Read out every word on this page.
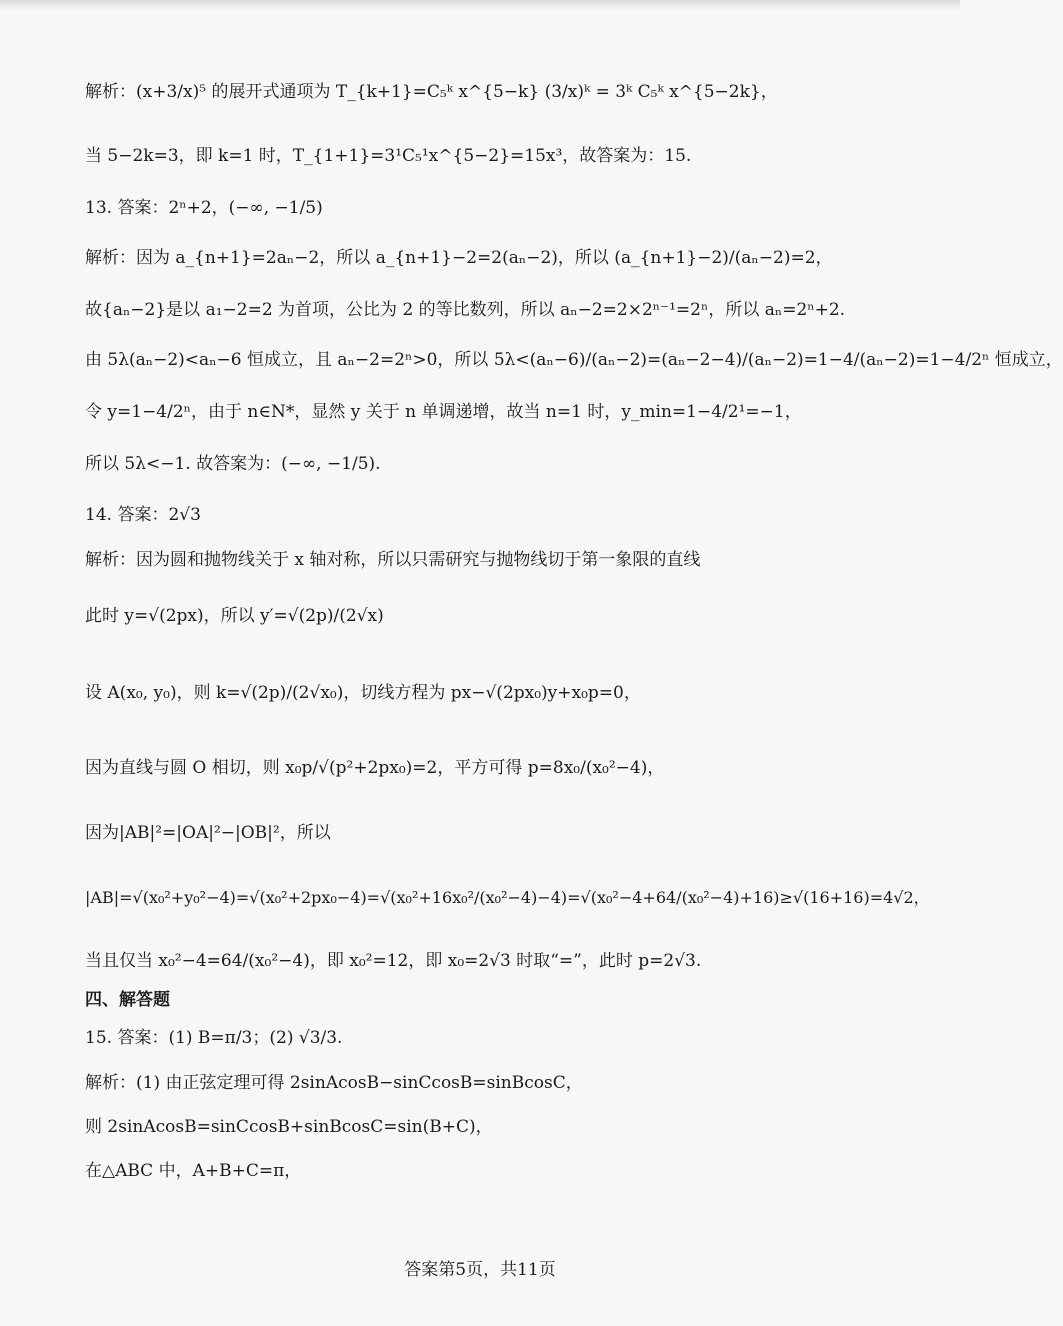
解析：(x+3/x)⁵ 的展开式通项为 T_{k+1}=C₅ᵏ x^{5−k} (3/x)ᵏ = 3ᵏ C₅ᵏ x^{5−2k}，
当 5−2k=3，即 k=1 时，T_{1+1}=3¹C₅¹x^{5−2}=15x³，故答案为：15.
13. 答案：2ⁿ+2，(−∞, −1/5)
解析：因为 a_{n+1}=2aₙ−2，所以 a_{n+1}−2=2(aₙ−2)，所以 (a_{n+1}−2)/(aₙ−2)=2，
故{aₙ−2}是以 a₁−2=2 为首项，公比为 2 的等比数列，所以 aₙ−2=2×2ⁿ⁻¹=2ⁿ，所以 aₙ=2ⁿ+2.
由 5λ(aₙ−2)<aₙ−6 恒成立，且 aₙ−2=2ⁿ>0，所以 5λ<(aₙ−6)/(aₙ−2)=(aₙ−2−4)/(aₙ−2)=1−4/(aₙ−2)=1−4/2ⁿ 恒成立，
令 y=1−4/2ⁿ，由于 n∈N*，显然 y 关于 n 单调递增，故当 n=1 时，y_min=1−4/2¹=−1，
所以 5λ<−1. 故答案为：(−∞, −1/5).
14. 答案：2√3
解析：因为圆和抛物线关于 x 轴对称，所以只需研究与抛物线切于第一象限的直线
此时 y=√(2px)，所以 y′=√(2p)/(2√x)
设 A(x₀, y₀)，则 k=√(2p)/(2√x₀)，切线方程为 px−√(2px₀)y+x₀p=0，
因为直线与圆 O 相切，则 x₀p/√(p²+2px₀)=2，平方可得 p=8x₀/(x₀²−4)，
因为|AB|²=|OA|²−|OB|²，所以
|AB|=√(x₀²+y₀²−4)=√(x₀²+2px₀−4)=√(x₀²+16x₀²/(x₀²−4)−4)=√(x₀²−4+64/(x₀²−4)+16)≥√(16+16)=4√2，
当且仅当 x₀²−4=64/(x₀²−4)，即 x₀²=12，即 x₀=2√3 时取“=”，此时 p=2√3.
四、解答题
15. 答案：(1) B=π/3；(2) √3/3.
解析：(1) 由正弦定理可得 2sinAcosB−sinCcosB=sinBcosC，
则 2sinAcosB=sinCcosB+sinBcosC=sin(B+C)，
在△ABC 中，A+B+C=π，
答案第5页，共11页
